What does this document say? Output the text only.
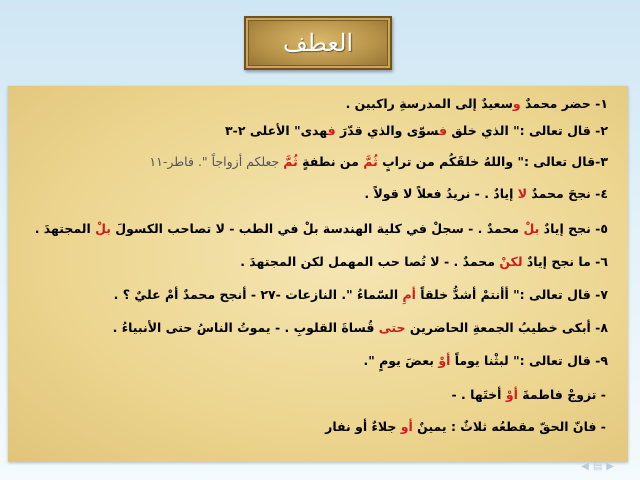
العطف
١- حضر محمدٌ وسعيدٌ إلى المدرسةِ راكبين .
٢- قال تعالى :" الذي خلق فسوّى والذي قدّرَ فهدى" الأعلى ٢-٣
٣-قال تعالى :" واللهُ خلقَكُم من ترابٍ ثُمَّ من نطفةٍ ثُمَّ جعلكم أزواجاً ". فاطر-١١
٤- نجحَ محمدٌ لا إيادٌ . - نريدُ فعلاً لا قولاً .
٥- نجح إيادٌ بلْ محمدٌ . - سجلْ في كلية الهندسة بلْ في الطب - لا تصاحب الكسولَ بلْ المجتهدَ .
٦- ما نجح إيادٌ لكنْ محمدٌ . - لا تُصا حب المهمل لكن المجتهدَ .
٧- قال تعالى :" أأنتمْ أشدُّ خلقاً أمِ السّماءُ ". النازعات -٢٧ - أنجح محمدٌ أمْ عليٌ ؟ .
٨- أبكى خطيبُ الجمعةِ الحاضرين حتى قُساةَ القلوبِ . - يموتُ الناسُ حتى الأنبياءُ .
٩- قال تعالى :" لبثْنا يوماً أوْ بعضَ يومٍ ".
- تزوجْ فاطمةَ أوْ أختَها . -
- فانّ الحقّ مقطعُه ثلاثٌ : يمينٌ أو جلاءٌ أو نفار
◀ ▤ ▶
